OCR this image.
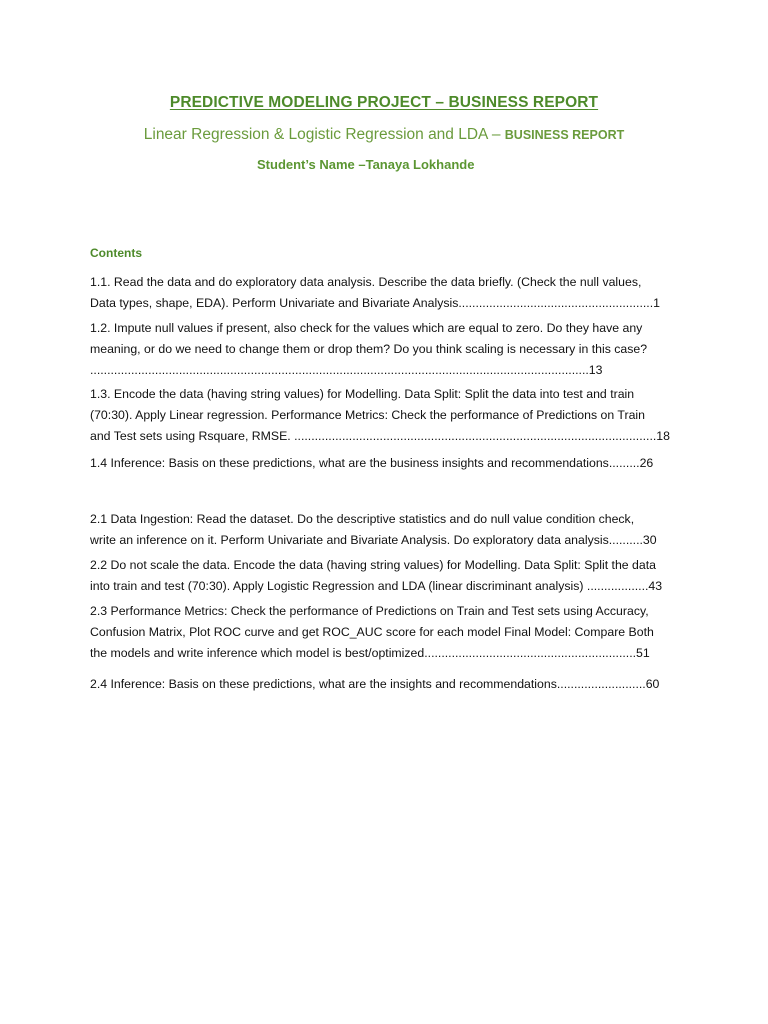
PREDICTIVE MODELING PROJECT – BUSINESS REPORT
Linear Regression & Logistic Regression and LDA – BUSINESS REPORT
Student’s Name –Tanaya Lokhande
Contents
1.1. Read the data and do exploratory data analysis. Describe the data briefly. (Check the null values,
Data types, shape, EDA). Perform Univariate and Bivariate Analysis.........................................................1
1.2. Impute null values if present, also check for the values which are equal to zero. Do they have any
meaning, or do we need to change them or drop them? Do you think scaling is necessary in this case?
..................................................................................................................................................13
1.3. Encode the data (having string values) for Modelling. Data Split: Split the data into test and train
(70:30). Apply Linear regression. Performance Metrics: Check the performance of Predictions on Train
and Test sets using Rsquare, RMSE. ..........................................................................................................18
1.4 Inference: Basis on these predictions, what are the business insights and recommendations.........26
2.1 Data Ingestion: Read the dataset. Do the descriptive statistics and do null value condition check,
write an inference on it. Perform Univariate and Bivariate Analysis. Do exploratory data analysis..........30
2.2 Do not scale the data. Encode the data (having string values) for Modelling. Data Split: Split the data
into train and test (70:30). Apply Logistic Regression and LDA (linear discriminant analysis) ..................43
2.3 Performance Metrics: Check the performance of Predictions on Train and Test sets using Accuracy,
Confusion Matrix, Plot ROC curve and get ROC_AUC score for each model Final Model: Compare Both
the models and write inference which model is best/optimized..............................................................51
2.4 Inference: Basis on these predictions, what are the insights and recommendations..........................60
